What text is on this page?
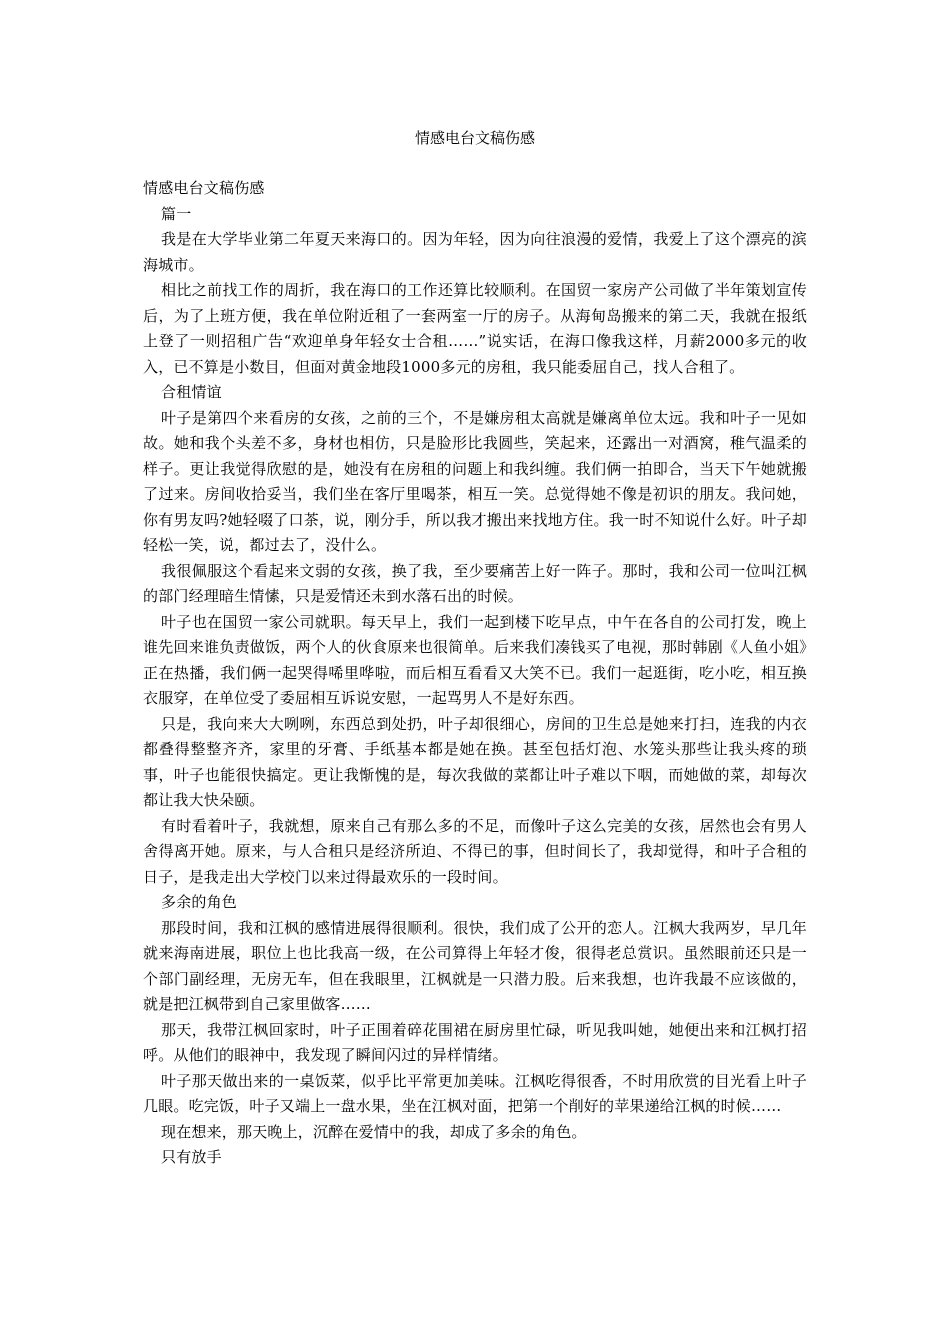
情感电台文稿伤感

情感电台文稿伤感

篇一

我是在大学毕业第二年夏天来海口的。因为年轻，因为向往浪漫的爱情，我爱上了这个漂亮的滨海城市。

相比之前找工作的周折，我在海口的工作还算比较顺利。在国贸一家房产公司做了半年策划宣传后，为了上班方便，我在单位附近租了一套两室一厅的房子。从海甸岛搬来的第二天，我就在报纸上登了一则招租广告“欢迎单身年轻女士合租……”说实话，在海口像我这样，月薪2000多元的收入，已不算是小数目，但面对黄金地段1000多元的房租，我只能委屈自己，找人合租了。

合租情谊

叶子是第四个来看房的女孩，之前的三个，不是嫌房租太高就是嫌离单位太远。我和叶子一见如故。她和我个头差不多，身材也相仿，只是脸形比我圆些，笑起来，还露出一对酒窝，稚气温柔的样子。更让我觉得欣慰的是，她没有在房租的问题上和我纠缠。我们俩一拍即合，当天下午她就搬了过来。房间收拾妥当，我们坐在客厅里喝茶，相互一笑。总觉得她不像是初识的朋友。我问她，你有男友吗?她轻啜了口茶，说，刚分手，所以我才搬出来找地方住。我一时不知说什么好。叶子却轻松一笑，说，都过去了，没什么。

我很佩服这个看起来文弱的女孩，换了我，至少要痛苦上好一阵子。那时，我和公司一位叫江枫的部门经理暗生情愫，只是爱情还未到水落石出的时候。

叶子也在国贸一家公司就职。每天早上，我们一起到楼下吃早点，中午在各自的公司打发，晚上谁先回来谁负责做饭，两个人的伙食原来也很简单。后来我们凑钱买了电视，那时韩剧《人鱼小姐》正在热播，我们俩一起哭得唏里哗啦，而后相互看看又大笑不已。我们一起逛街，吃小吃，相互换衣服穿，在单位受了委屈相互诉说安慰，一起骂男人不是好东西。

只是，我向来大大咧咧，东西总到处扔，叶子却很细心，房间的卫生总是她来打扫，连我的内衣都叠得整整齐齐，家里的牙膏、手纸基本都是她在换。甚至包括灯泡、水笼头那些让我头疼的琐事，叶子也能很快搞定。更让我惭愧的是，每次我做的菜都让叶子难以下咽，而她做的菜，却每次都让我大快朵颐。

有时看着叶子，我就想，原来自己有那么多的不足，而像叶子这么完美的女孩，居然也会有男人舍得离开她。原来，与人合租只是经济所迫、不得已的事，但时间长了，我却觉得，和叶子合租的日子，是我走出大学校门以来过得最欢乐的一段时间。

多余的角色

那段时间，我和江枫的感情进展得很顺利。很快，我们成了公开的恋人。江枫大我两岁，早几年就来海南进展，职位上也比我高一级，在公司算得上年轻才俊，很得老总赏识。虽然眼前还只是一个部门副经理，无房无车，但在我眼里，江枫就是一只潜力股。后来我想，也许我最不应该做的，就是把江枫带到自己家里做客……

那天，我带江枫回家时，叶子正围着碎花围裙在厨房里忙碌，听见我叫她，她便出来和江枫打招呼。从他们的眼神中，我发现了瞬间闪过的异样情绪。

叶子那天做出来的一桌饭菜，似乎比平常更加美味。江枫吃得很香，不时用欣赏的目光看上叶子几眼。吃完饭，叶子又端上一盘水果，坐在江枫对面，把第一个削好的苹果递给江枫的时候……

现在想来，那天晚上，沉醉在爱情中的我，却成了多余的角色。

只有放手
